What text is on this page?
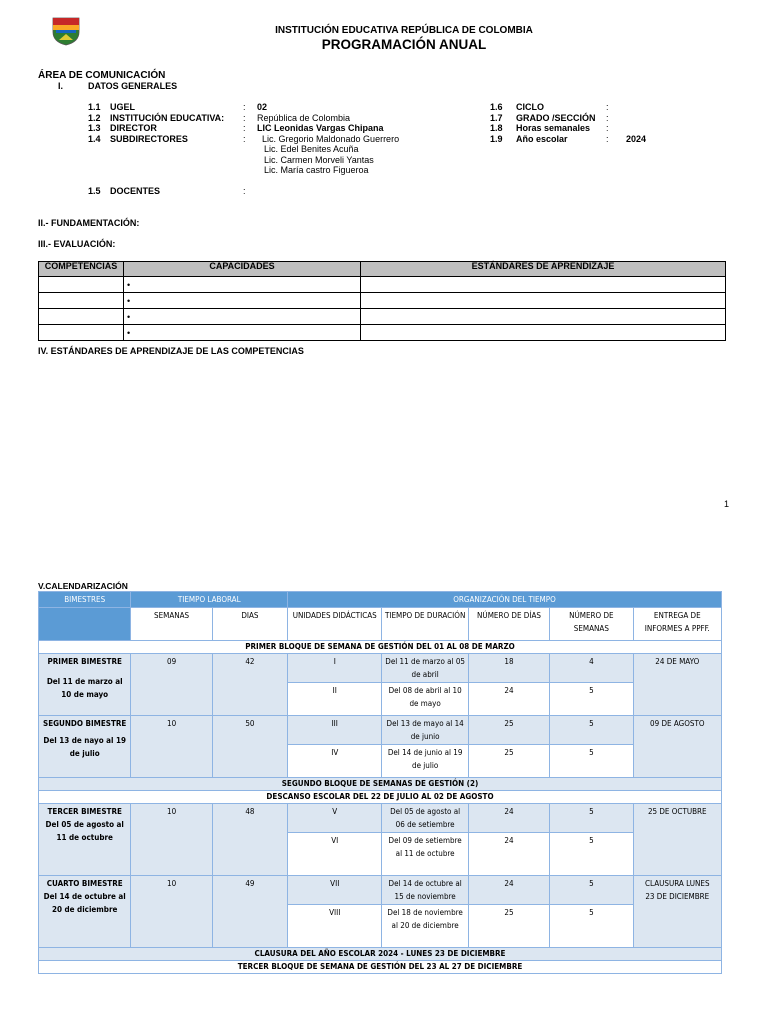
INSTITUCIÓN EDUCATIVA REPÚBLICA DE COLOMBIA
PROGRAMACIÓN ANUAL
ÁREA DE COMUNICACIÓN
I.	DATOS GENERALES
1.1	UGEL	:	02
1.2	INSTITUCIÓN EDUCATIVA:	:	República de Colombia
1.3	DIRECTOR	:	LIC Leonidas Vargas Chipana
1.4	SUBDIRECTORES	:	Lic. Gregorio Maldonado Guerrero
Lic. Edel Benites Acuña
Lic. Carmen Morveli Yantas
Lic. María castro Figueroa
1.5	DOCENTES	:
1.6	CICLO	:
1.7	GRADO /SECCIÓN	:
1.8	Horas semanales	:
1.9	Año escolar	:	2024
II.- FUNDAMENTACIÓN:
III.- EVALUACIÓN:
COMPETENCIAS	CAPACIDADES	ESTÁNDARES DE APRENDIZAJE
	•	
	•	
	•	
	•	
IV. ESTÁNDARES DE APRENDIZAJE DE LAS COMPETENCIAS
1
V.CALENDARIZACIÓN
BIMESTRES	TIEMPO LABORAL		ORGANIZACIÓN DEL TIEMPO				
	SEMANAS	DIAS	UNIDADES DIDÁCTICAS	TIEMPO DE DURACIÓN	NÚMERO DE DÍAS	NÚMERO DE SEMANAS	ENTREGA DE INFORMES A PPFF.
PRIMER BLOQUE DE SEMANA DE GESTIÓN DEL 01 AL 08 DE MARZO							

PRIMER BIMESTRE
Del 11 de marzo al 10 de mayo	09	42	I	Del 11 de marzo al 05 de abril	18	4	24 DE MAYO
			II	Del 08 de abril al 10 de mayo	24	5	

SEGUNDO BIMESTRE
Del 13 de nayo al 19 de julio	10	50	III	Del 13 de mayo al 14 de junio	25	5	09 DE AGOSTO
			IV	Del 14 de junio al 19 de julio	25	5	
SEGUNDO BLOQUE DE SEMANAS DE GESTIÓN (2)							
DESCANSO ESCOLAR DEL 22 DE JULIO AL 02 DE AGOSTO							

TERCER BIMESTRE
Del 05 de agosto al 11 de octubre	10	48	V	Del 05 de agosto al 06 de setiembre	24	5	25 DE OCTUBRE
			VI	Del 09 de setiembre al 11 de octubre	24	5	

CUARTO BIMESTRE
Del 14 de octubre al 20 de diciembre	10	49	VII	Del 14 de octubre al 15 de noviembre	24	5	CLAUSURA LUNES 23 DE DICIEMBRE
			VIII	Del 18 de noviembre al 20 de diciembre	25	5	
CLAUSURA DEL AÑO ESCOLAR 2024 - LUNES 23 DE DICIEMBRE							
TERCER BLOQUE DE SEMANA DE GESTIÓN DEL 23 AL 27 DE DICIEMBRE							
